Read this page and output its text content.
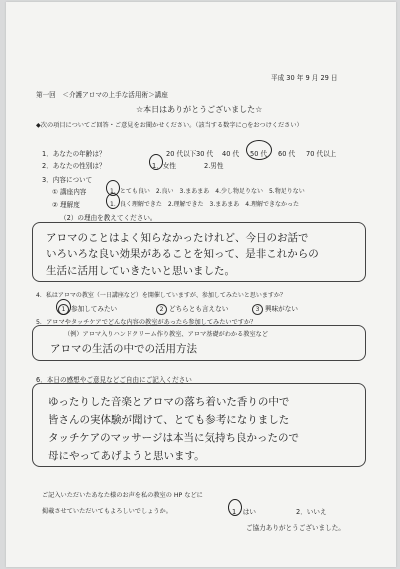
平成 30 年 9 月 29 日
第一回　＜介護アロマの上手な活用術＞講座
☆本日はありがとうございました☆
◆次の項目についてご回答・ご意見をお聞かせください。（該当する数字に○をおつけください）
1．あなたの年齢は？	20 代以下 30 代 40 代 50 代 60 代 70 代以上
2．あなたの性別は？	1．女性	2.男性
3．内容について
① 講座内容	1．とても良い　2.良い　3.まあまあ　4.少し物足りない　5.物足りない
② 理解度	1．良く理解できた　2.理解できた　3.まあまあ　4.理解できなかった
（2）の理由を教えてください。
アロマのことはよく知らなかったけれど、今日のお話で
いろいろな良い効果があることを知って、是非これからの
生活に活用していきたいと思いました。
4．私はアロマの教室（一日講座など）を開催していますが、参加してみたいと思いますか？
1 参加してみたい	2 どちらとも言えない	3 興味がない
5．アロマやタッチケアでどんな内容の教室があったら参加してみたいですか？
（例）アロマ入りハンドクリーム作り教室、アロマ基礎がわかる教室など
アロマの生活の中での活用方法
6．本日の感想やご意見などご自由にご記入ください
ゆったりした音楽とアロマの落ち着いた香りの中で
皆さんの実体験が聞けて、とても参考になりました
タッチケアのマッサージは本当に気持ち良かったので
母にやってあげようと思います。
ご記入いただいたあなた様のお声を私の教室の HP などに
掲載させていただいてもよろしいでしょうか。	1　はい	2．いいえ
ご協力ありがとうございました。
